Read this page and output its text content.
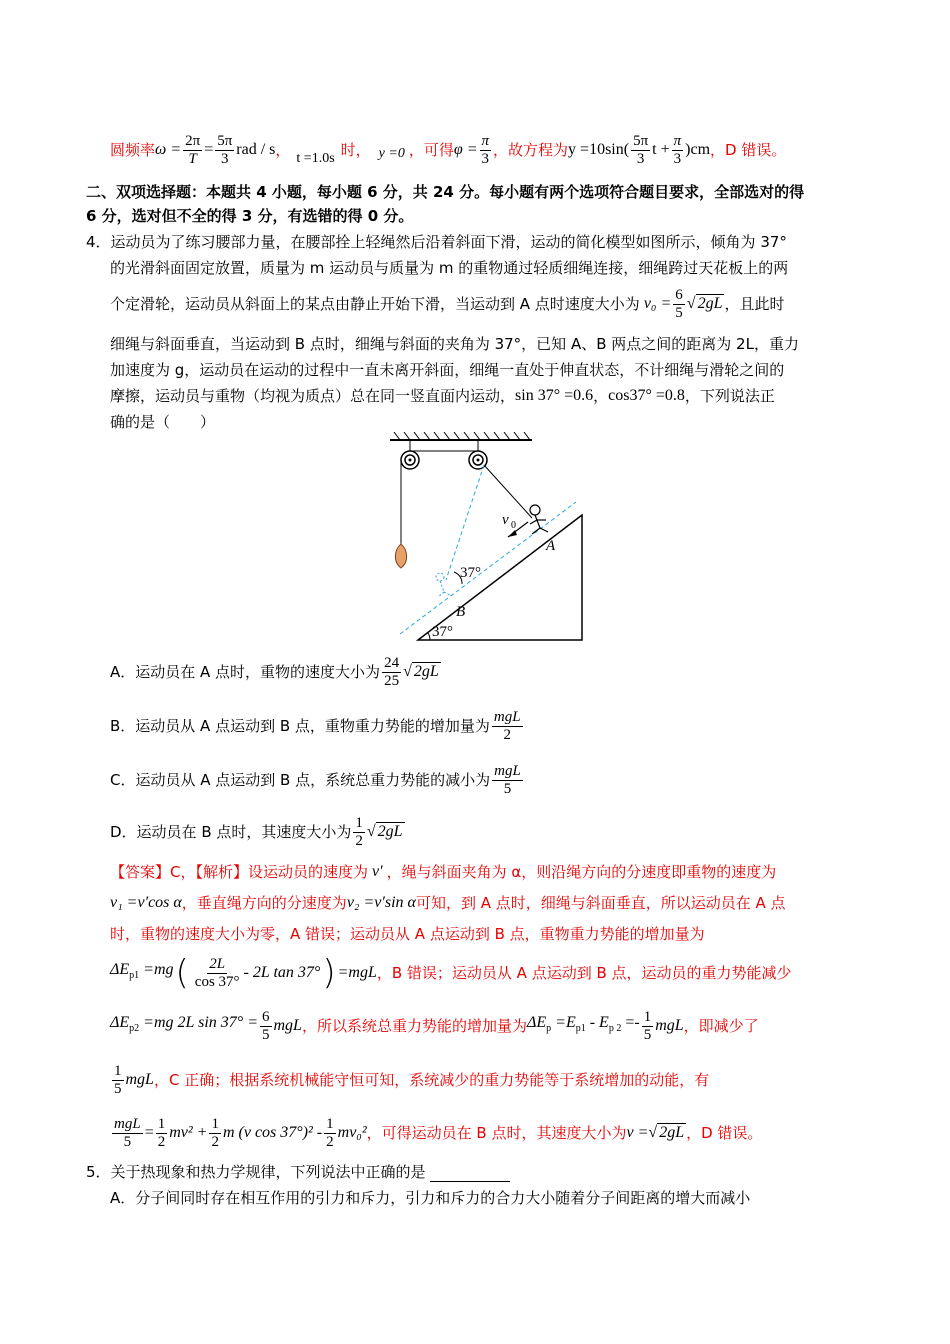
圆频率 $\omega = \frac{2\pi}{T} = \frac{5\pi}{3}$ rad / s ， t =1.0s 时， y =0 ，可得 $\varphi = \frac{\pi}{3}$ ，故方程为 $y =10\sin( \frac{5\pi}{3}$ $t + \frac{\pi}{3} )cm$ ，D 错误。
二、双项选择题：本题共 4 小题，每小题 6 分，共 24 分。每小题有两个选项符合题目要求，全部选对的得
6 分，选对但不全的得 3 分，有选错的得 0 分。
4．运动员为了练习腰部力量，在腰部拴上轻绳然后沿着斜面下滑，运动的简化模型如图所示，倾角为 37°
的光滑斜面固定放置，质量为 m 运动员与质量为 m 的重物通过轻质细绳连接，细绳跨过天花板上的两
个定滑轮，运动员从斜面上的某点由静止开始下滑，当运动到 A 点时速度大小为 $v_0 = \frac{6}{5}$ √ 2gL ，且此时
细绳与斜面垂直，当运动到 B 点时，细绳与斜面的夹角为 37°，已知 A、B 两点之间的距离为 2L，重力
加速度为 g，运动员在运动的过程中一直未离开斜面，细绳一直处于伸直状态，不计细绳与滑轮之间的
摩擦，运动员与重物（均视为质点）总在同一竖直面内运动， sin 37° =0.6 ， cos37° =0.8 ，下列说法正
确的是（　　）
v 0
A
B
37°
37°
A．运动员在 A 点时，重物的速度大小为 $\frac{24}{25}$ √ 2gL
B．运动员从 A 点运动到 B 点，重物重力势能的增加量为 $\frac{\text{mgL}}{2}$
C．运动员从 A 点运动到 B 点，系统总重力势能的减小为 $\frac{\text{mgL}}{5}$
D．运动员在 B 点时，其速度大小为 $\frac{1}{2}$ √ 2gL
【答案】C，【解析】设运动员的速度为 v′ ，绳与斜面夹角为 α，则沿绳方向的分速度即重物的速度为
v₁ =v′cos α ，垂直绳方向的分速度为 v₂ =v′sin α 可知，到 A 点时，细绳与斜面垂直，所以运动员在 A 点
时，重物的速度大小为零，A 错误；运动员从 A 点运动到 B 点，重物重力势能的增加量为
$\Delta E_{p1} =mg$ ( $\frac{2L}{\cos 37^\circ} - 2L$ tan 37° ) =mgL ，B 错误；运动员从 A 点运动到 B 点，运动员的重力势能减少
$\Delta E_{p2} =mg$ 2L $\sin 37^\circ = \frac{6}{5}$ mgL ，所以系统总重力势能的增加量为 $\Delta E_p =E_{p1} - E_{p 2} =- \frac{1}{5}$ mgL ，即减少了
$\frac{1}{5}$ mgL ，C 正确；根据系统机械能守恒可知，系统减少的重力势能等于系统增加的动能，有
$\frac{\text{mgL}}{5} = \frac{1}{2} mv^2 + \frac{1}{2}$ m (v $\cos 37^\circ)^2 - \frac{1}{2} mv_0^2$ ，可得运动员在 B 点时，其速度大小为 v = √ 2gL ，D 错误。
5．关于热现象和热力学规律，下列说法中正确的是
A．分子间同时存在相互作用的引力和斥力，引力和斥力的合力大小随着分子间距离的增大而减小
